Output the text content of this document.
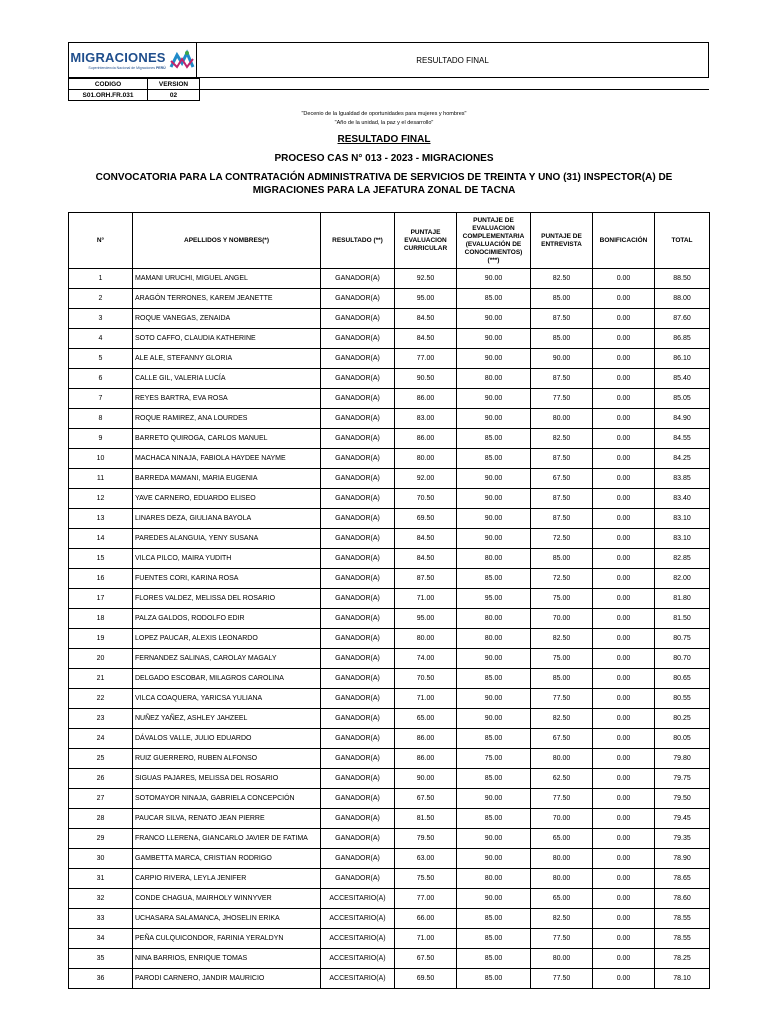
MIGRACIONES
Superintendencia Nacional de Migraciones PERÚ
RESULTADO FINAL
CODIGO	VERSION	
S01.ORH.FR.031	02	
"Decenio de la Igualdad de oportunidades para mujeres y hombres"
"Año de la unidad, la paz y el desarrollo"
RESULTADO FINAL
PROCESO CAS N° 013 - 2023 - MIGRACIONES
CONVOCATORIA PARA LA CONTRATACIÓN ADMINISTRATIVA DE SERVICIOS DE TREINTA Y UNO (31) INSPECTOR(A) DE MIGRACIONES PARA LA JEFATURA ZONAL DE TACNA
N°	APELLIDOS Y NOMBRES(*)	RESULTADO (**)	PUNTAJE EVALUACION CURRICULAR	PUNTAJE DE EVALUACION COMPLEMENTARIA (EVALUACIÓN DE CONOCIMIENTOS) (***)	PUNTAJE DE ENTREVISTA	BONIFICACIÓN	TOTAL
1	MAMANI URUCHI, MIGUEL ANGEL	GANADOR(A)	92.50	90.00	82.50	0.00	88.50
2	ARAGÓN TERRONES, KAREM JEANETTE	GANADOR(A)	95.00	85.00	85.00	0.00	88.00
3	ROQUE VANEGAS, ZENAIDA	GANADOR(A)	84.50	90.00	87.50	0.00	87.60
4	SOTO CAFFO, CLAUDIA KATHERINE	GANADOR(A)	84.50	90.00	85.00	0.00	86.85
5	ALE ALE, STEFANNY GLORIA	GANADOR(A)	77.00	90.00	90.00	0.00	86.10
6	CALLE GIL, VALERIA LUCÍA	GANADOR(A)	90.50	80.00	87.50	0.00	85.40
7	REYES BARTRA, EVA ROSA	GANADOR(A)	86.00	90.00	77.50	0.00	85.05
8	ROQUE RAMIREZ, ANA LOURDES	GANADOR(A)	83.00	90.00	80.00	0.00	84.90
9	BARRETO QUIROGA, CARLOS MANUEL	GANADOR(A)	86.00	85.00	82.50	0.00	84.55
10	MACHACA NINAJA, FABIOLA HAYDEE NAYME	GANADOR(A)	80.00	85.00	87.50	0.00	84.25
11	BARREDA MAMANI, MARIA EUGENIA	GANADOR(A)	92.00	90.00	67.50	0.00	83.85
12	YAVE CARNERO, EDUARDO ELISEO	GANADOR(A)	70.50	90.00	87.50	0.00	83.40
13	LINARES DEZA, GIULIANA BAYOLA	GANADOR(A)	69.50	90.00	87.50	0.00	83.10
14	PAREDES ALANGUIA, YENY SUSANA	GANADOR(A)	84.50	90.00	72.50	0.00	83.10
15	VILCA PILCO, MAIRA YUDITH	GANADOR(A)	84.50	80.00	85.00	0.00	82.85
16	FUENTES CORI, KARINA ROSA	GANADOR(A)	87.50	85.00	72.50	0.00	82.00
17	FLORES VALDEZ, MELISSA DEL ROSARIO	GANADOR(A)	71.00	95.00	75.00	0.00	81.80
18	PALZA GALDOS, RODOLFO EDIR	GANADOR(A)	95.00	80.00	70.00	0.00	81.50
19	LOPEZ PAUCAR, ALEXIS LEONARDO	GANADOR(A)	80.00	80.00	82.50	0.00	80.75
20	FERNANDEZ SALINAS, CAROLAY MAGALY	GANADOR(A)	74.00	90.00	75.00	0.00	80.70
21	DELGADO ESCOBAR, MILAGROS CAROLINA	GANADOR(A)	70.50	85.00	85.00	0.00	80.65
22	VILCA COAQUERA, YARICSA YULIANA	GANADOR(A)	71.00	90.00	77.50	0.00	80.55
23	NUÑEZ YAÑEZ, ASHLEY JAHZEEL	GANADOR(A)	65.00	90.00	82.50	0.00	80.25
24	DÁVALOS VALLE, JULIO EDUARDO	GANADOR(A)	86.00	85.00	67.50	0.00	80.05
25	RUIZ GUERRERO, RUBEN ALFONSO	GANADOR(A)	86.00	75.00	80.00	0.00	79.80
26	SIGUAS PAJARES, MELISSA DEL ROSARIO	GANADOR(A)	90.00	85.00	62.50	0.00	79.75
27	SOTOMAYOR NINAJA, GABRIELA CONCEPCIÓN	GANADOR(A)	67.50	90.00	77.50	0.00	79.50
28	PAUCAR SILVA, RENATO JEAN PIERRE	GANADOR(A)	81.50	85.00	70.00	0.00	79.45
29	FRANCO LLERENA, GIANCARLO JAVIER DE FATIMA	GANADOR(A)	79.50	90.00	65.00	0.00	79.35
30	GAMBETTA MARCA, CRISTIAN RODRIGO	GANADOR(A)	63.00	90.00	80.00	0.00	78.90
31	CARPIO RIVERA, LEYLA JENIFER	GANADOR(A)	75.50	80.00	80.00	0.00	78.65
32	CONDE CHAGUA, MAIRHOLY WINNYVER	ACCESITARIO(A)	77.00	90.00	65.00	0.00	78.60
33	UCHASARA SALAMANCA, JHOSELIN ERIKA	ACCESITARIO(A)	66.00	85.00	82.50	0.00	78.55
34	PEÑA CULQUICONDOR, FARINIA YERALDYN	ACCESITARIO(A)	71.00	85.00	77.50	0.00	78.55
35	NINA BARRIOS, ENRIQUE TOMAS	ACCESITARIO(A)	67.50	85.00	80.00	0.00	78.25
36	PARODI CARNERO, JANDIR MAURICIO	ACCESITARIO(A)	69.50	85.00	77.50	0.00	78.10
